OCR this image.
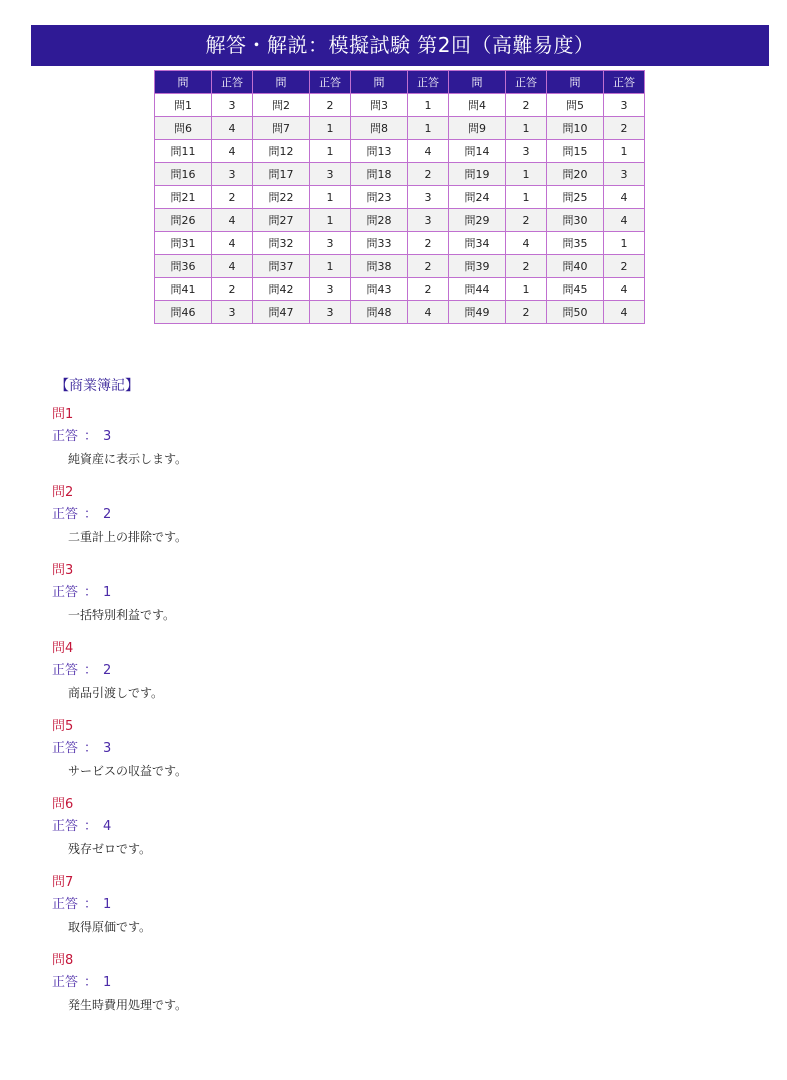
解答・解説：模擬試験 第2回（高難易度）
問	正答	問	正答	問	正答	問	正答	問	正答
問1	3	問2	2	問3	1	問4	2	問5	3
問6	4	問7	1	問8	1	問9	1	問10	2
問11	4	問12	1	問13	4	問14	3	問15	1
問16	3	問17	3	問18	2	問19	1	問20	3
問21	2	問22	1	問23	3	問24	1	問25	4
問26	4	問27	1	問28	3	問29	2	問30	4
問31	4	問32	3	問33	2	問34	4	問35	1
問36	4	問37	1	問38	2	問39	2	問40	2
問41	2	問42	3	問43	2	問44	1	問45	4
問46	3	問47	3	問48	4	問49	2	問50	4
【商業簿記】
問1
正答 ： 3
純資産に表示します。
問2
正答 ： 2
二重計上の排除です。
問3
正答 ： 1
一括特別利益です。
問4
正答 ： 2
商品引渡しです。
問5
正答 ： 3
サービスの収益です。
問6
正答 ： 4
残存ゼロです。
問7
正答 ： 1
取得原価です。
問8
正答 ： 1
発生時費用処理です。
